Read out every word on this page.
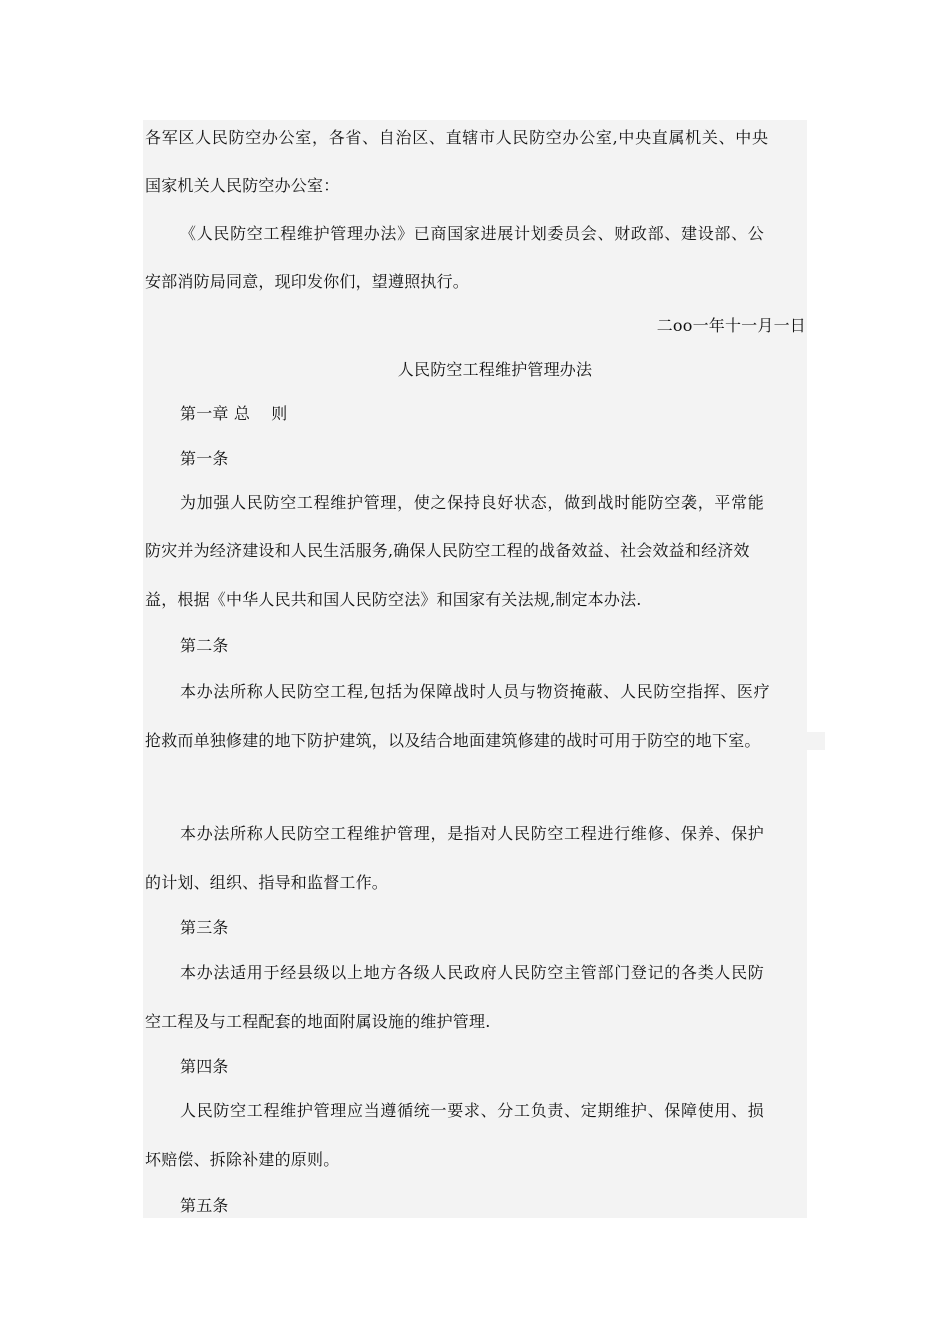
各军区人民防空办公室，各省、自治区、直辖市人民防空办公室,中央直属机关、中央
国家机关人民防空办公室：
《人民防空工程维护管理办法》已商国家进展计划委员会、财政部、建设部、公
安部消防局同意，现印发你们，望遵照执行。
二oo一年十一月一日
人民防空工程维护管理办法
第一章 总    则
第一条
为加强人民防空工程维护管理，使之保持良好状态，做到战时能防空袭，平常能
防灾并为经济建设和人民生活服务,确保人民防空工程的战备效益、社会效益和经济效
益，根据《中华人民共和国人民防空法》和国家有关法规,制定本办法.
第二条
本办法所称人民防空工程,包括为保障战时人员与物资掩蔽、人民防空指挥、医疗
抢救而单独修建的地下防护建筑，以及结合地面建筑修建的战时可用于防空的地下室。
本办法所称人民防空工程维护管理，是指对人民防空工程进行维修、保养、保护
的计划、组织、指导和监督工作。
第三条
本办法适用于经县级以上地方各级人民政府人民防空主管部门登记的各类人民防
空工程及与工程配套的地面附属设施的维护管理.
第四条
人民防空工程维护管理应当遵循统一要求、分工负责、定期维护、保障使用、损
坏赔偿、拆除补建的原则。
第五条
